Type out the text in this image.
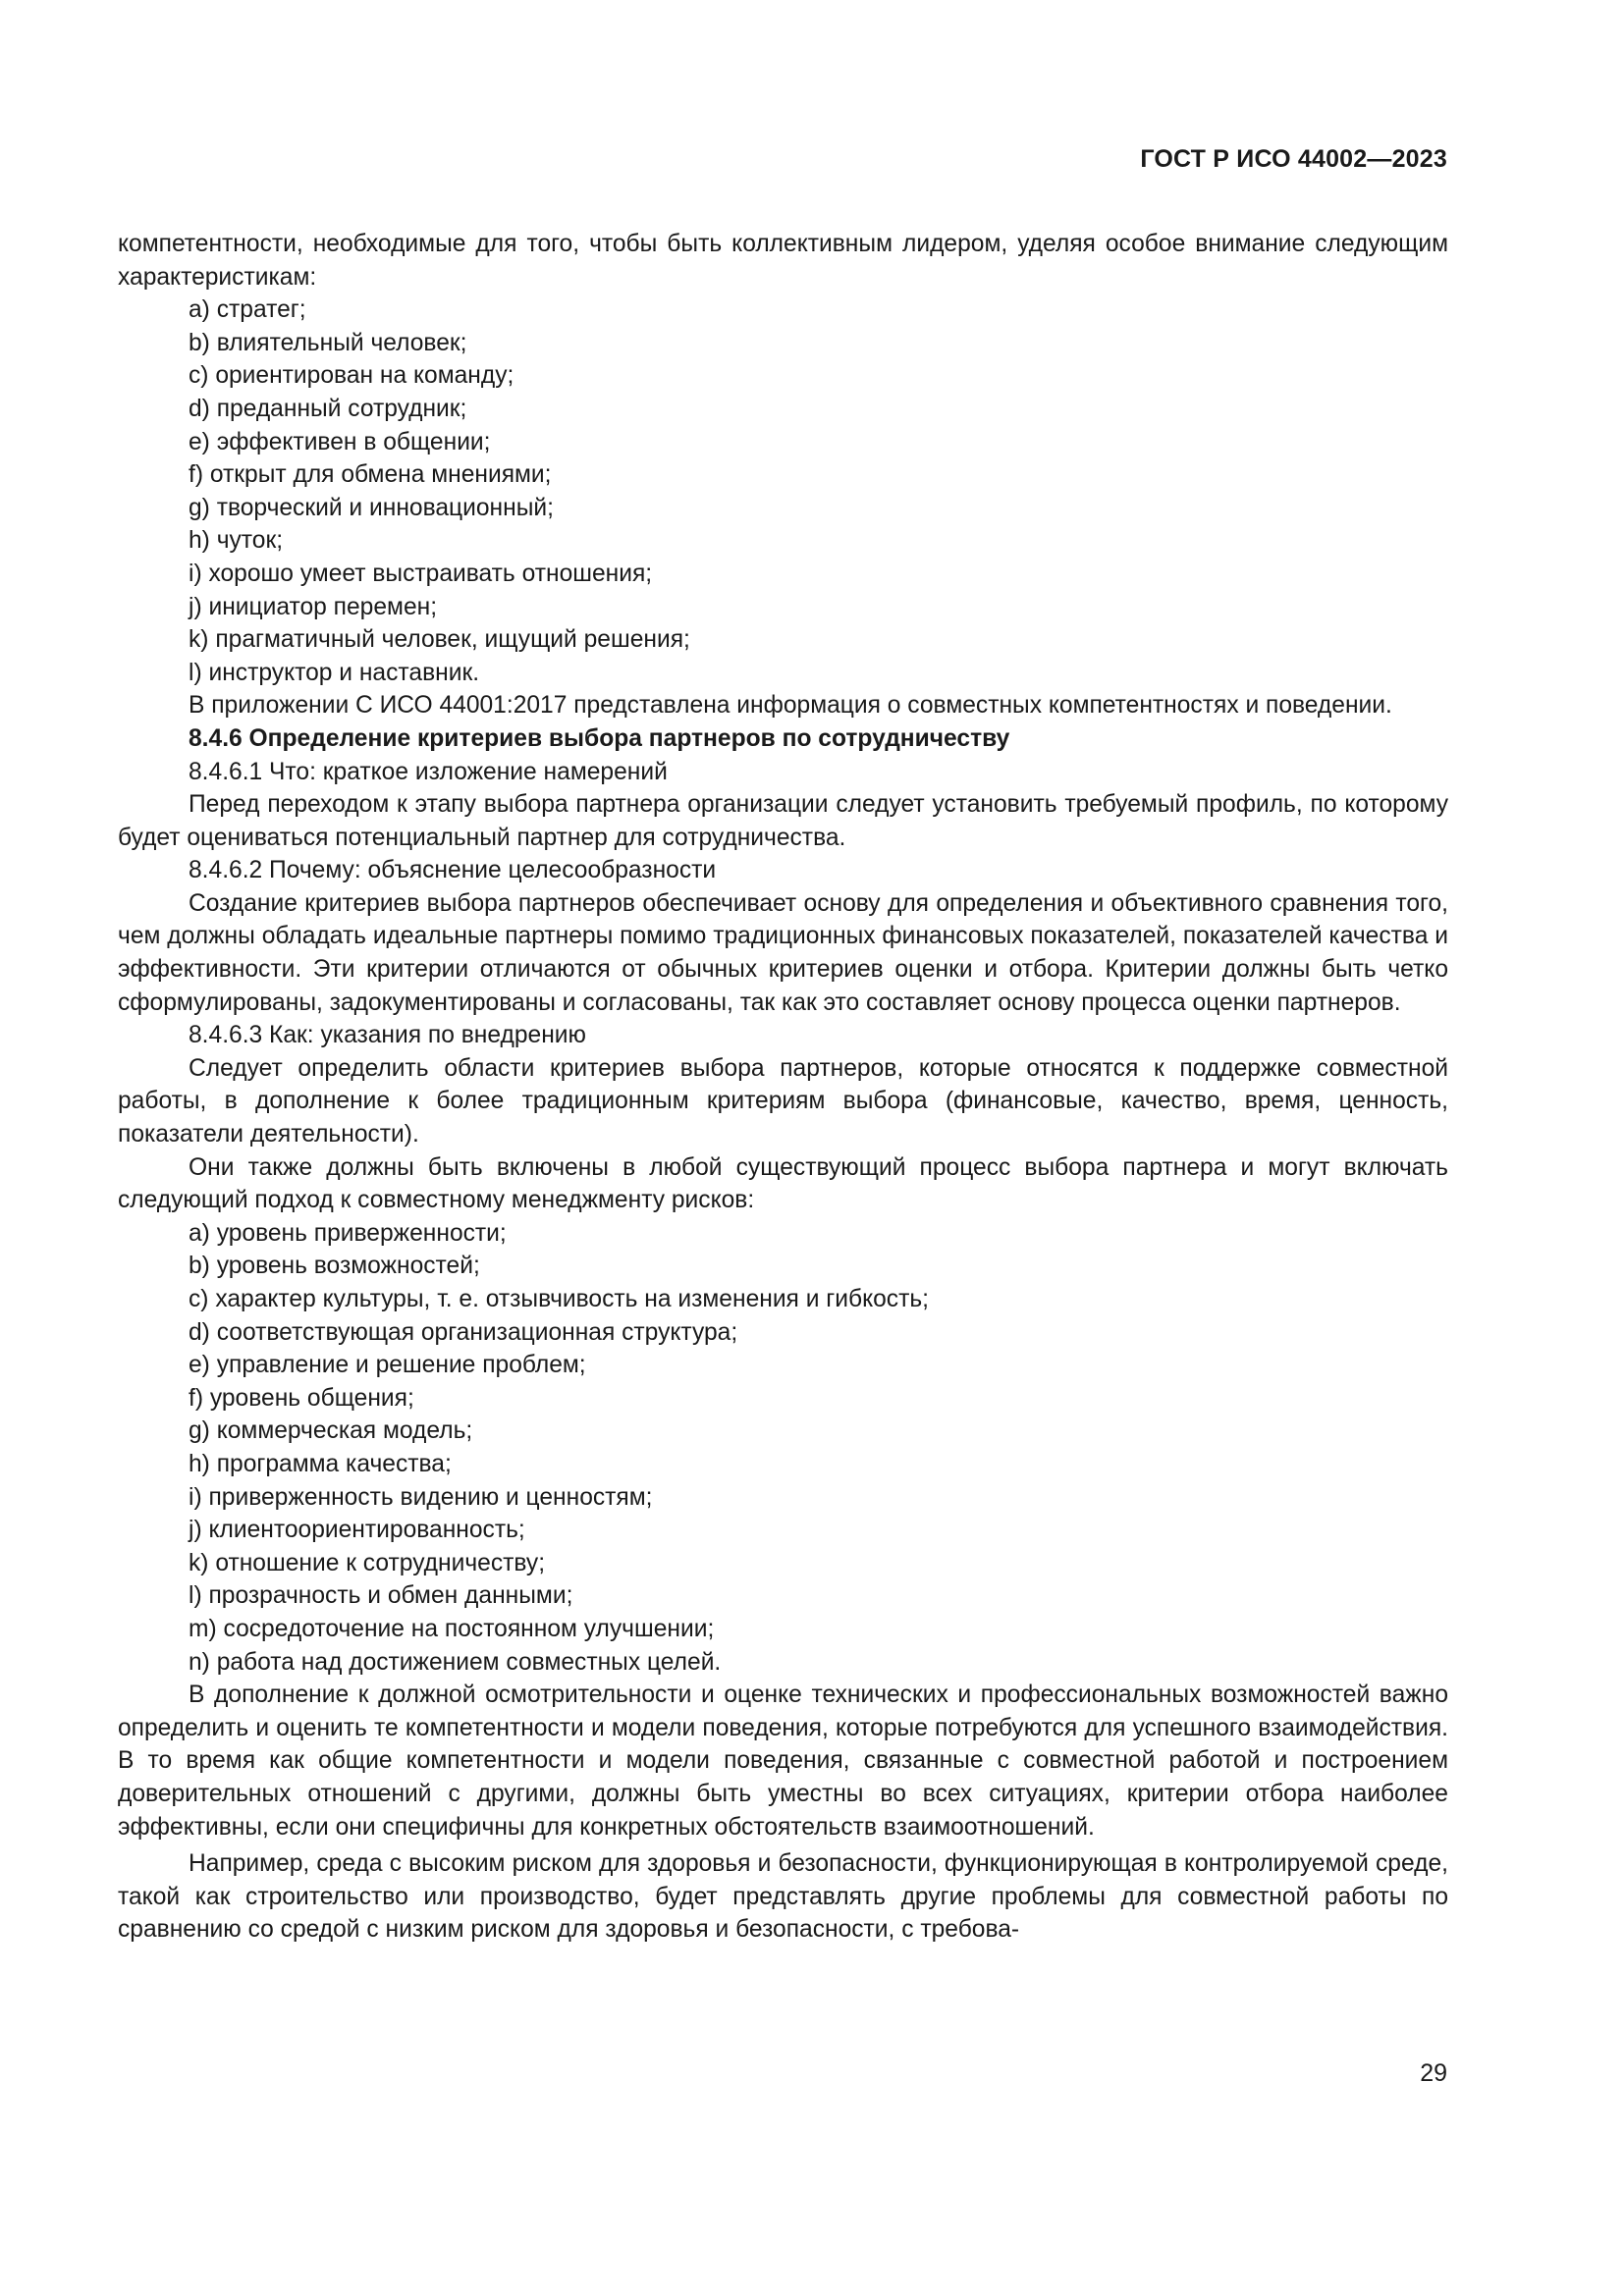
ГОСТ Р ИСО 44002—2023

компетентности, необходимые для того, чтобы быть коллективным лидером, уделяя особое внимание следующим характеристикам:

a) стратег;
b) влиятельный человек;
c) ориентирован на команду;
d) преданный сотрудник;
e) эффективен в общении;
f) открыт для обмена мнениями;
g) творческий и инновационный;
h) чуток;
i) хорошо умеет выстраивать отношения;
j) инициатор перемен;
k) прагматичный человек, ищущий решения;
l) инструктор и наставник.

В приложении С ИСО 44001:2017 представлена информация о совместных компетентностях и поведении.

8.4.6 Определение критериев выбора партнеров по сотрудничеству

8.4.6.1 Что: краткое изложение намерений

Перед переходом к этапу выбора партнера организации следует установить требуемый профиль, по которому будет оцениваться потенциальный партнер для сотрудничества.

8.4.6.2 Почему: объяснение целесообразности

Создание критериев выбора партнеров обеспечивает основу для определения и объективного сравнения того, чем должны обладать идеальные партнеры помимо традиционных финансовых показателей, показателей качества и эффективности. Эти критерии отличаются от обычных критериев оценки и отбора. Критерии должны быть четко сформулированы, задокументированы и согласованы, так как это составляет основу процесса оценки партнеров.

8.4.6.3 Как: указания по внедрению

Следует определить области критериев выбора партнеров, которые относятся к поддержке совместной работы, в дополнение к более традиционным критериям выбора (финансовые, качество, время, ценность, показатели деятельности).

Они также должны быть включены в любой существующий процесс выбора партнера и могут включать следующий подход к совместному менеджменту рисков:

a) уровень приверженности;
b) уровень возможностей;
c) характер культуры, т. е. отзывчивость на изменения и гибкость;
d) соответствующая организационная структура;
e) управление и решение проблем;
f) уровень общения;
g) коммерческая модель;
h) программа качества;
i) приверженность видению и ценностям;
j) клиентоориентированность;
k) отношение к сотрудничеству;
l) прозрачность и обмен данными;
m) сосредоточение на постоянном улучшении;
n) работа над достижением совместных целей.

В дополнение к должной осмотрительности и оценке технических и профессиональных возможностей важно определить и оценить те компетентности и модели поведения, которые потребуются для успешного взаимодействия. В то время как общие компетентности и модели поведения, связанные с совместной работой и построением доверительных отношений с другими, должны быть уместны во всех ситуациях, критерии отбора наиболее эффективны, если они специфичны для конкретных обстоятельств взаимоотношений.

Например, среда с высоким риском для здоровья и безопасности, функционирующая в контролируемой среде, такой как строительство или производство, будет представлять другие проблемы для совместной работы по сравнению со средой с низким риском для здоровья и безопасности, с требова-

29
